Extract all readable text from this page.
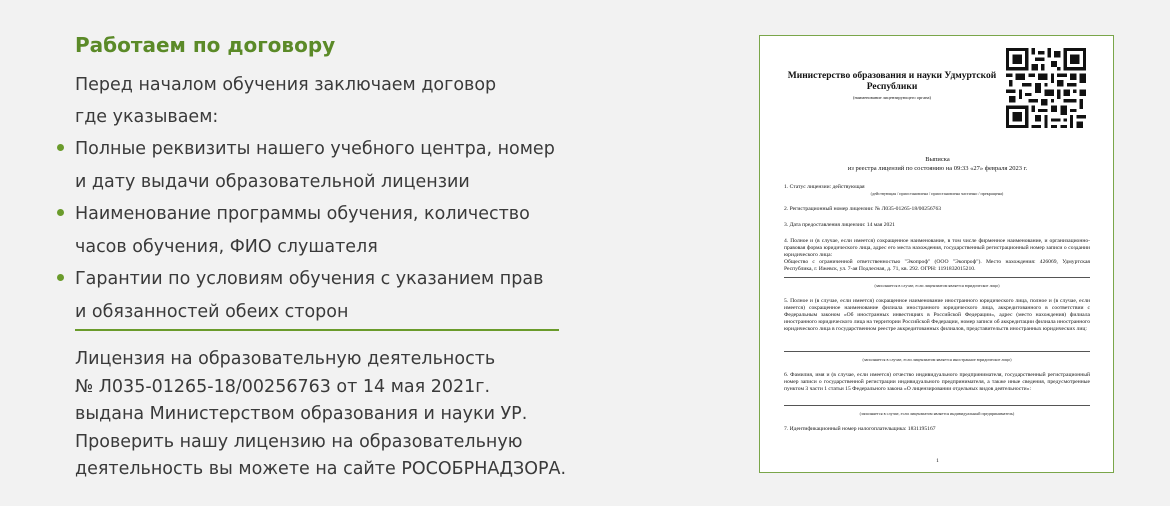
Работаем по договору
Перед началом обучения заключаем договор
где указываем:
Полные реквизиты нашего учебного центра, номер
и дату выдачи образовательной лицензии
Наименование программы обучения, количество
часов обучения, ФИО слушателя
Гарантии по условиям обучения с указанием прав
и обязанностей обеих сторон
Лицензия на образовательную деятельность
№ Л035-01265-18/00256763 от 14 мая 2021г.
выдана Министерством образования и науки УР.
Проверить нашу лицензию на образовательную
деятельность вы можете на сайте РОСОБРНАДЗОРА.
Министерство образования и науки Удмуртской Республики
(наименование лицензирующего органа)
Выписка
из реестра лицензий по состоянию на 09:33 «27» февраля 2023 г.
1. Статус лицензии: действующая
(действующая / приостановлена / приостановлена частично / прекращена)
2. Регистрационный номер лицензии: № Л035-01265-18/00256763
3. Дата предоставления лицензии: 14 мая 2021
4. Полное и (в случае, если имеется) сокращенное наименование, в том числе фирменное наименование, и организационно-правовая форма юридического лица, адрес его места нахождения, государственный регистрационный номер записи о создании юридического лица:
Общество с ограниченной ответственностью "Экопроф" (ООО "Экопроф"). Место нахождения: 426069, Удмуртская Республика, г. Ижевск, ул. 7-ая Подлесная, д. 71, кв. 292. ОГРН: 1191832015210.
(заполняется в случае, если лицензиатом является юридическое лицо)
5. Полное и (в случае, если имеется) сокращенное наименование иностранного юридического лица, полное и (в случае, если имеется) сокращенное наименование филиала иностранного юридического лица, аккредитованного в соответствии с Федеральным законом «Об иностранных инвестициях в Российской Федерации», адрес (место нахождения) филиала иностранного юридического лица на территории Российской Федерации, номер записи об аккредитации филиала иностранного юридического лица в государственном реестре аккредитованных филиалов, представительств иностранных юридических лиц:
(заполняется в случае, если лицензиатом является иностранное юридическое лицо)
6. Фамилия, имя и (в случае, если имеется) отчество индивидуального предпринимателя, государственный регистрационный номер записи о государственной регистрации индивидуального предпринимателя, а также иные сведения, предусмотренные пунктом 3 части 1 статьи 15 Федерального закона «О лицензировании отдельных видов деятельности»:
(заполняется в случае, если лицензиатом является индивидуальный предприниматель)
7. Идентификационный номер налогоплательщика: 1831195167
1
